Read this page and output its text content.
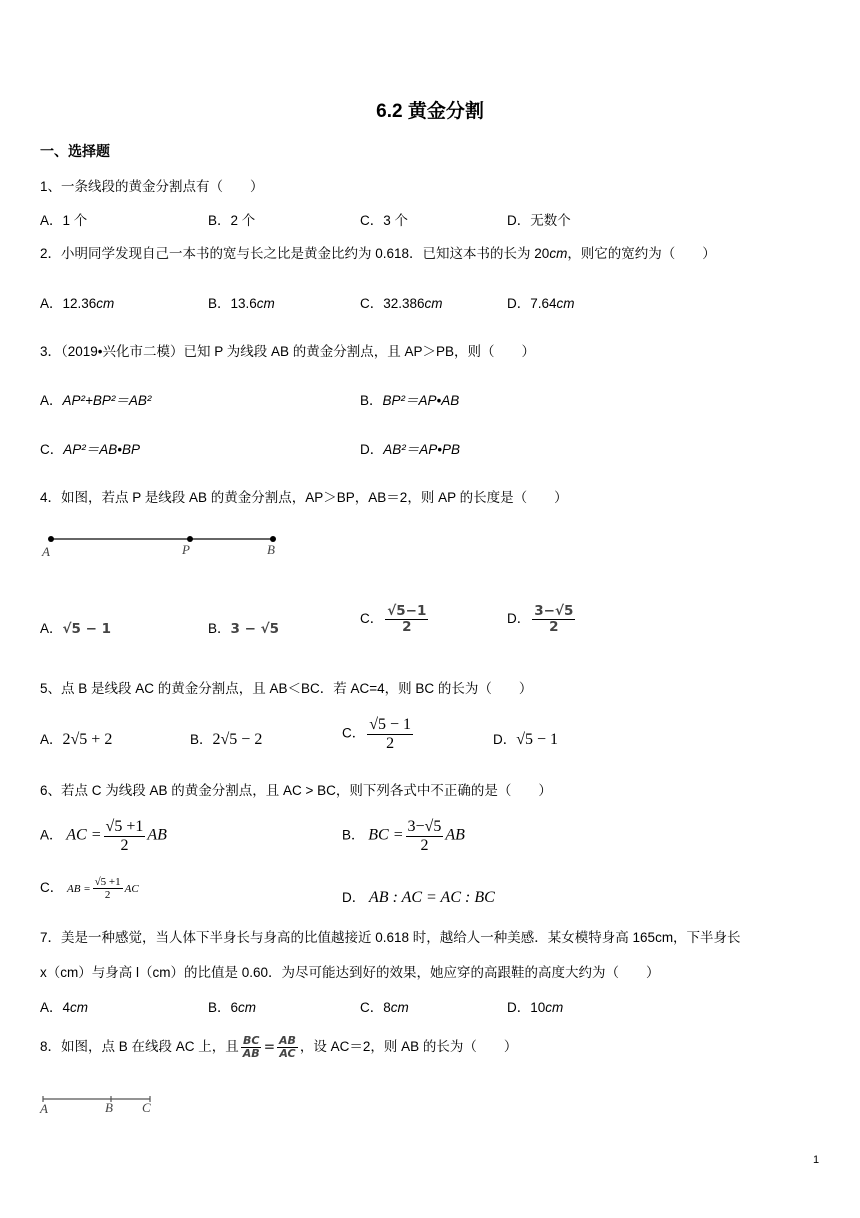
6.2 黄金分割
一、选择题
1、一条线段的黄金分割点有（　　）
A．1 个	B．2 个	C．3 个	D．无数个
2．小明同学发现自己一本书的宽与长之比是黄金比约为 0.618．已知这本书的长为 20cm，则它的宽约为（　　）
A．12.36cm	B．13.6cm	C．32.386cm	D．7.64cm
3．（2019•兴化市二模）已知 P 为线段 AB 的黄金分割点，且 AP＞PB，则（　　）
A．AP²+BP²＝AB²	B．BP²＝AP•AB
C．AP²＝AB•BP	D．AB²＝AP•PB
4．如图，若点 P 是线段 AB 的黄金分割点，AP＞BP，AB＝2，则 AP 的长度是（　　）
A	P	B
A．√5 − 1	B．3 − √5
C． $\frac{√5-1}{2}$	D． $\frac{3-√5}{2}$
5、点 B 是线段 AC 的黄金分割点，且 AB＜BC．若 AC=4，则 BC 的长为（　　）
A．2√5 + 2	B．2√5 − 2	C． $\frac{√5 - 1}{2}$	D．√5 − 1
6、若点 C 为线段 AB 的黄金分割点，且 AC > BC，则下列各式中不正确的是（　　）
A． AC = $\frac{√5 +1}{2}$ AB	B． BC = $\frac{3-√5}{2}$ AB
C． AB = $\frac{√5 +1}{2}$ AC
D． AB : AC = AC : BC
7．美是一种感觉，当人体下半身长与身高的比值越接近 0.618 时，越给人一种美感．某女模特身高 165cm，下半身长
x（cm）与身高 l（cm）的比值是 0.60．为尽可能达到好的效果，她应穿的高跟鞋的高度大约为（　　）
A．4cm	B．6cm	C．8cm	D．10cm
8．如图，点 B 在线段 AC 上，且 $\frac{BC}{AB} = \frac{AB}{AC}$ ，设 AC＝2，则 AB 的长为（　　）
A	B C
1
